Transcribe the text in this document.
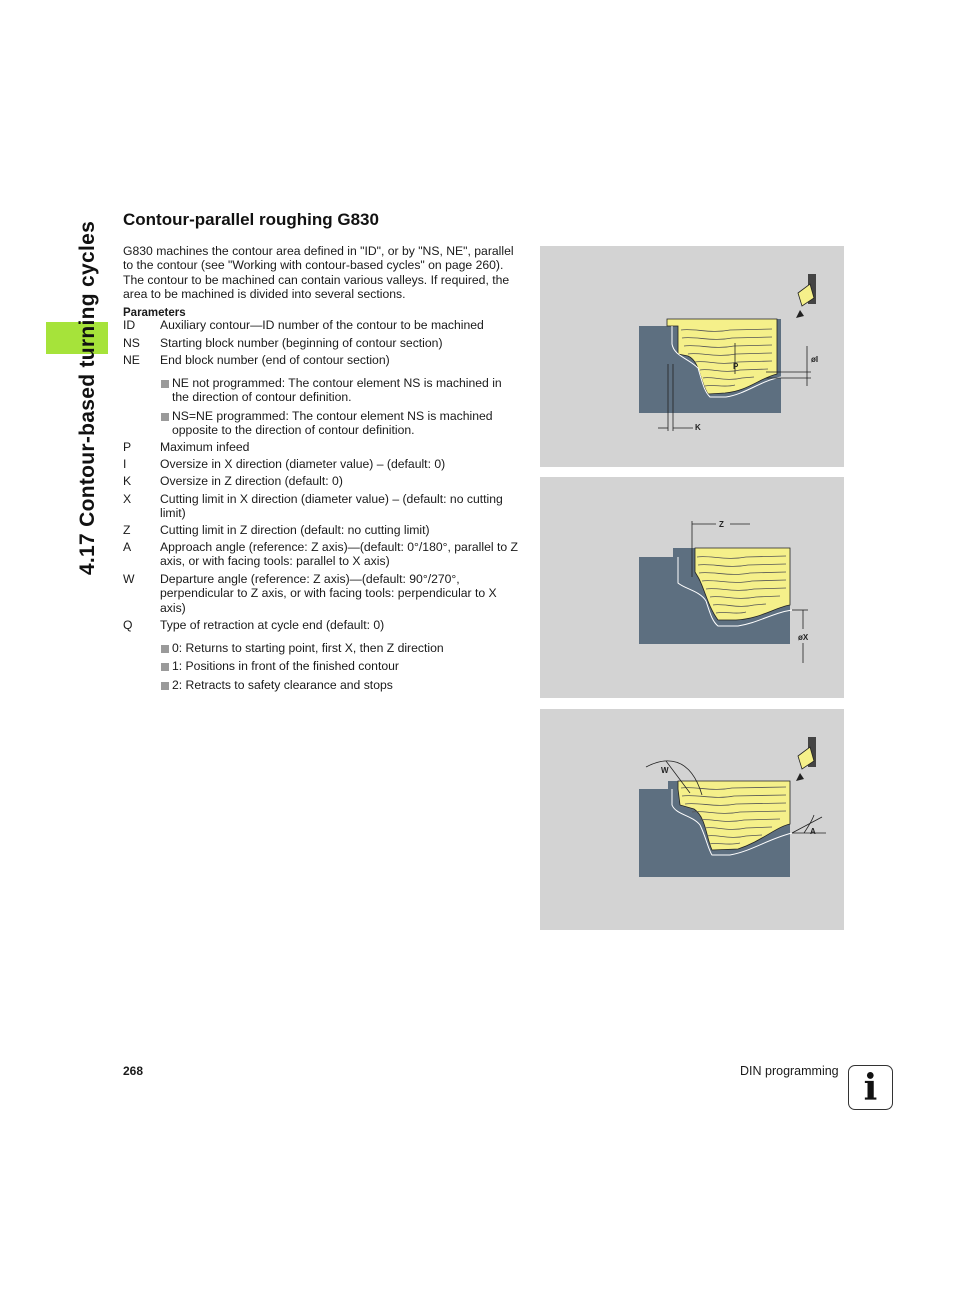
4.17 Contour-based turning cycles
Contour-parallel roughing G830

G830 machines the contour area defined in "ID", or by "NS, NE", parallel to the contour (see "Working with contour-based cycles" on page 260). The contour to be machined can contain various valleys. If required, the area to be machined is divided into several sections.

Parameters
ID Auxiliary contour—ID number of the contour to be machined
NS Starting block number (beginning of contour section)
NE End block number (end of contour section)
NE not programmed: The contour element NS is machined in the direction of contour definition.
NS=NE programmed: The contour element NS is machined opposite to the direction of contour definition.
P Maximum infeed
I	Oversize in X direction (diameter value) – (default: 0)
K Oversize in Z direction (default: 0)
X Cutting limit in X direction (diameter value) – (default: no cutting limit)
Z Cutting limit in Z direction (default: no cutting limit)
A Approach angle (reference: Z axis)—(default: 0°/180°, parallel to Z axis, or with facing tools: parallel to X axis)
W Departure angle (reference: Z axis)—(default: 90°/270°, perpendicular to Z axis, or with facing tools: perpendicular to X axis)
Q Type of retraction at cycle end (default: 0)
0: Returns to starting point, first X, then Z direction
1: Positions in front of the finished contour
2: Retracts to safety clearance and stops
P
øI
K
Z
øX
W
A
268	DIN programming i
